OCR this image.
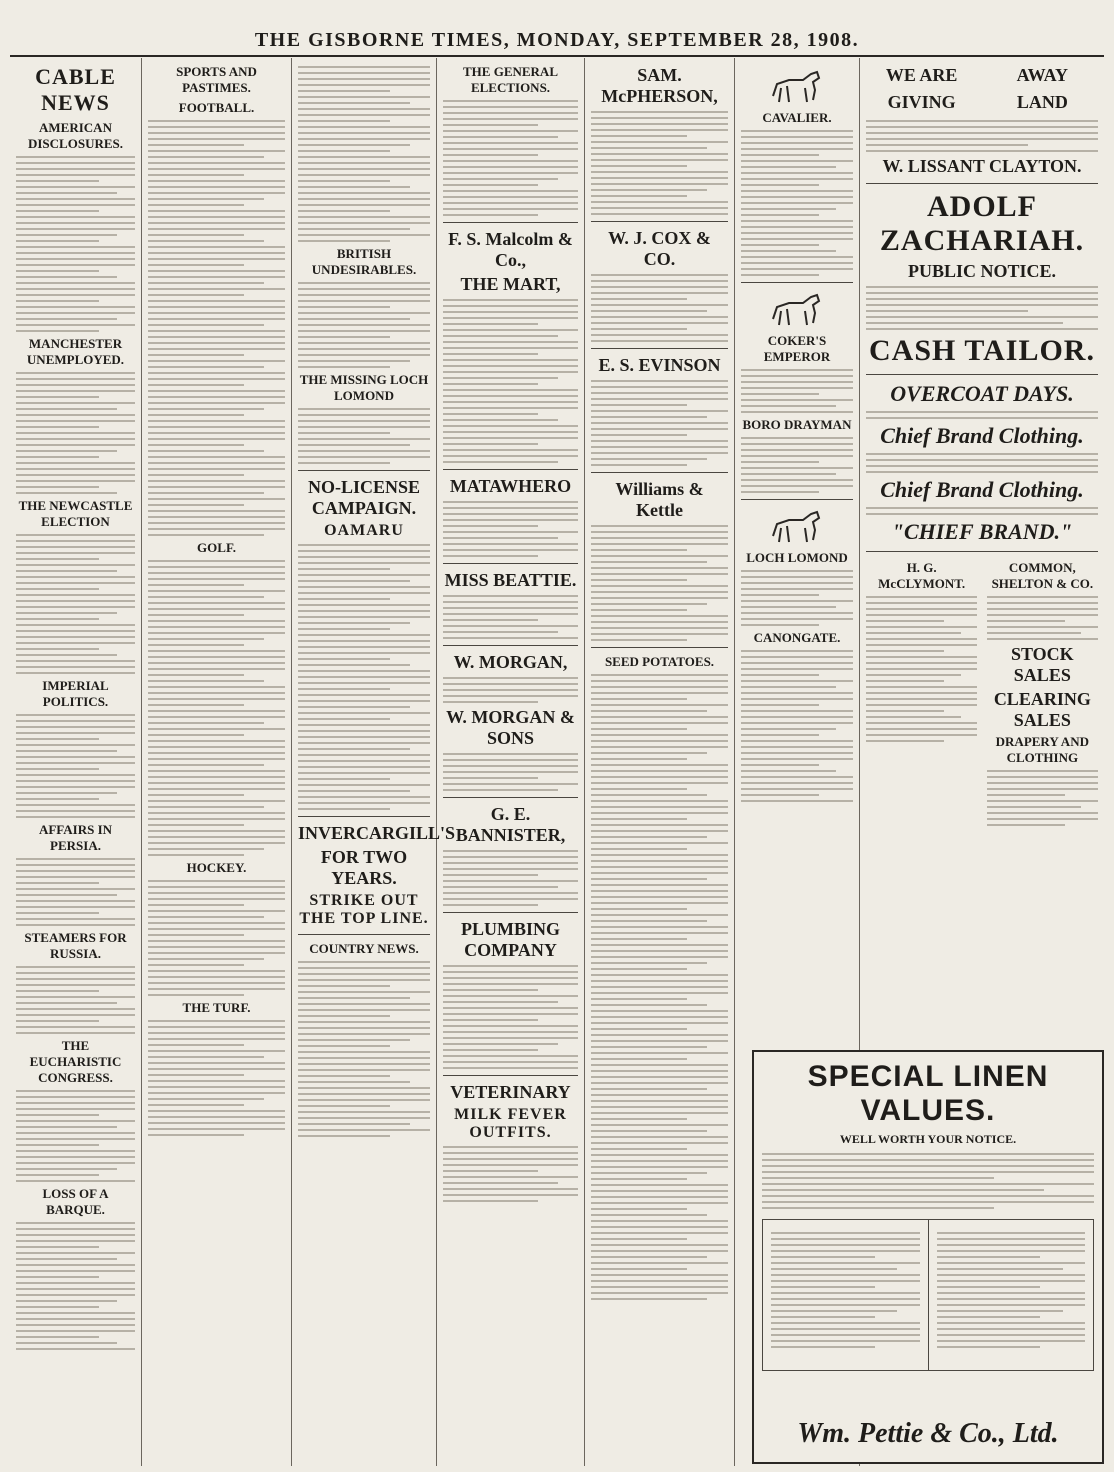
THE GISBORNE TIMES, MONDAY, SEPTEMBER 28, 1908.
CABLE NEWS
AMERICAN DISCLOSURES.
MANCHESTER UNEMPLOYED.
THE NEWCASTLE ELECTION
IMPERIAL POLITICS.
AFFAIRS IN PERSIA.
STEAMERS FOR RUSSIA.
THE EUCHARISTIC CONGRESS.
LOSS OF A BARQUE.
SPORTS AND PASTIMES.
FOOTBALL.
GOLF.
HOCKEY.
THE TURF.
BRITISH UNDESIRABLES.
THE MISSING LOCH LOMOND
NO-LICENSE CAMPAIGN.
OAMARU
INVERCARGILL'S
FOR TWO YEARS.
STRIKE OUT THE TOP LINE.
COUNTRY NEWS.
THE GENERAL ELECTIONS.
F. S. Malcolm & Co.,
THE MART,
MATAWHERO
MISS BEATTIE.
W. MORGAN,
W. MORGAN & SONS
G. E. BANNISTER,
PLUMBING COMPANY
VETERINARY
MILK FEVER OUTFITS.
SAM. McPHERSON,
W. J. COX & CO.
E. S. EVINSON
Williams & Kettle
SEED POTATOES.
CAVALIER.
COKER'S EMPEROR
BORO DRAYMAN
LOCH LOMOND
CANONGATE.
WE ARE	AWAY
GIVING	LAND
W. LISSANT CLAYTON.
ADOLF ZACHARIAH.
PUBLIC NOTICE.
CASH TAILOR.
OVERCOAT DAYS.
Chief Brand Clothing.
Chief Brand Clothing.
"CHIEF BRAND."
H. G. McCLYMONT.
COMMON, SHELTON & CO.
STOCK SALES
CLEARING SALES
DRAPERY AND CLOTHING
SPECIAL LINEN VALUES.
WELL WORTH YOUR NOTICE.
Wm. Pettie & Co., Ltd.
